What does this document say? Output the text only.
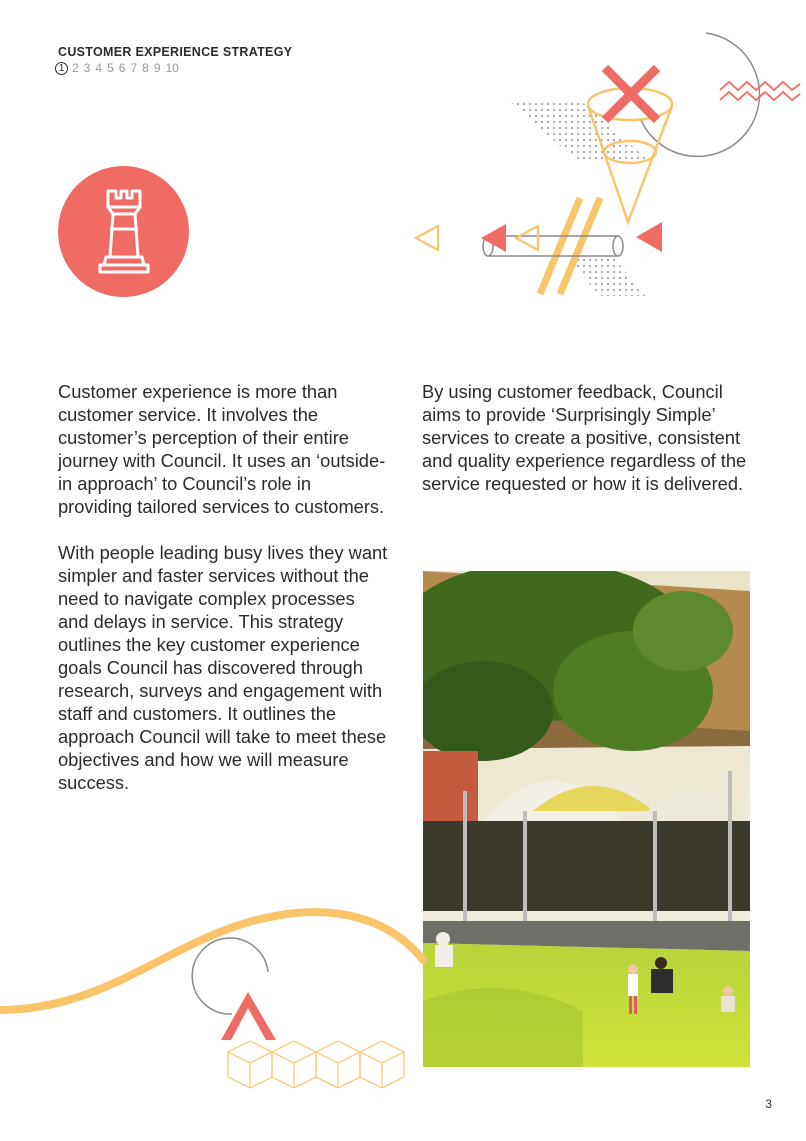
CUSTOMER EXPERIENCE STRATEGY
1 2 3 4 5 6 7 8 9 10

Customer experience is more than customer service. It involves the customer’s perception of their entire journey with Council. It uses an ‘outside-in approach’ to Council’s role in providing tailored services to customers.

With people leading busy lives they want simpler and faster services without the need to navigate complex processes and delays in service. This strategy outlines the key customer experience goals Council has discovered through research, surveys and engagement with staff and customers. It outlines the approach Council will take to meet these objectives and how we will measure success.

By using customer feedback, Council aims to provide ‘Surprisingly Simple’ services to create a positive, consistent and quality experience regardless of the service requested or how it is delivered.

3
